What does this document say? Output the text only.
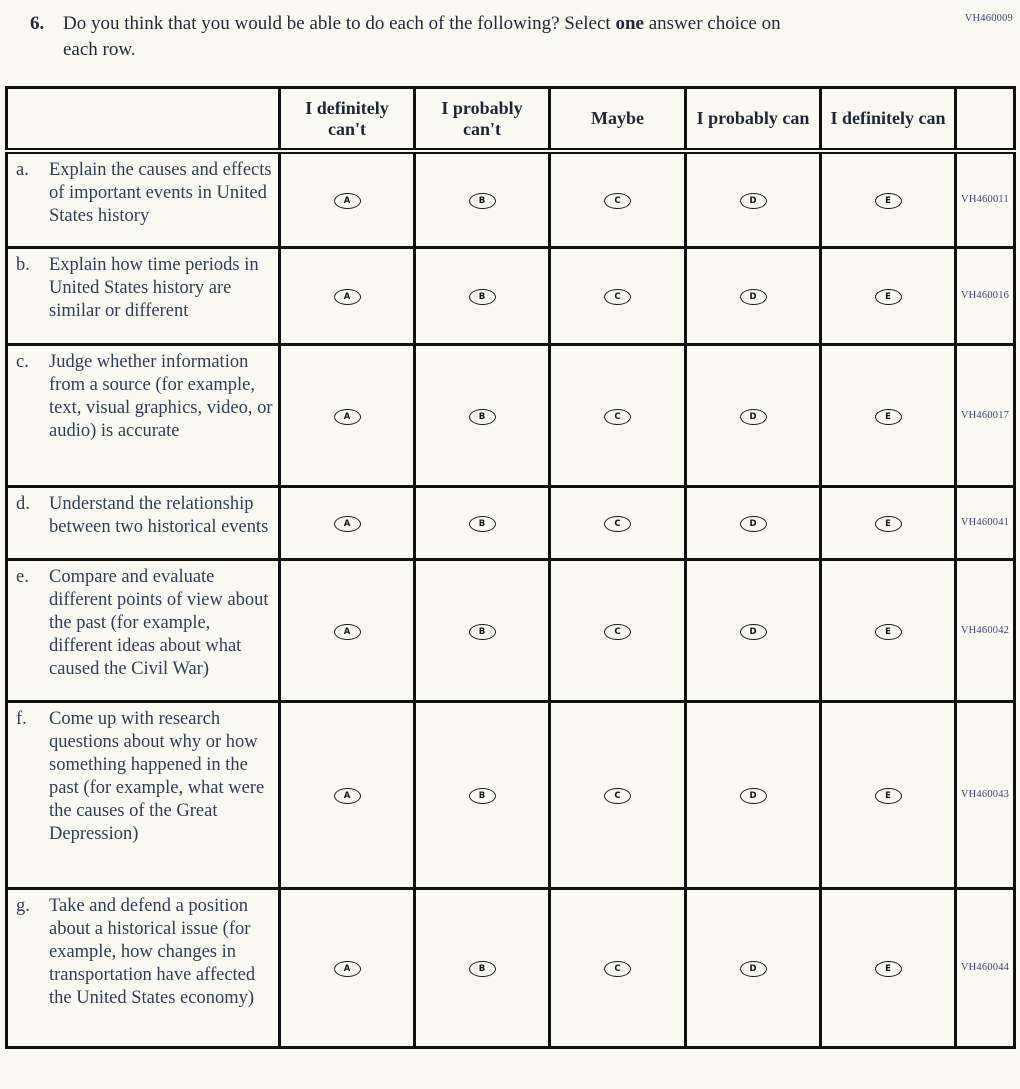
VH460009
6. Do you think that you would be able to do each of the following? Select one answer choice on each row.
	I definitely can't	I probably can't	Maybe	I probably can	I definitely can	

a. Explain the causes and effects of important events in United States history	A	B	C	D	E	VH460011

b. Explain how time periods in United States history are similar or different	A	B	C	D	E	VH460016

c. Judge whether information from a source (for example, text, visual graphics, video, or audio) is accurate	A	B	C	D	E	VH460017

d. Understand the relationship between two historical events	A	B	C	D	E	VH460041

e. Compare and evaluate different points of view about the past (for example, different ideas about what caused the Civil War)	A	B	C	D	E	VH460042

f. Come up with research questions about why or how something happened in the past (for example, what were the causes of the Great Depression)	A	B	C	D	E	VH460043

g. Take and defend a position about a historical issue (for example, how changes in transportation have affected the United States economy)	A	B	C	D	E	VH460044
